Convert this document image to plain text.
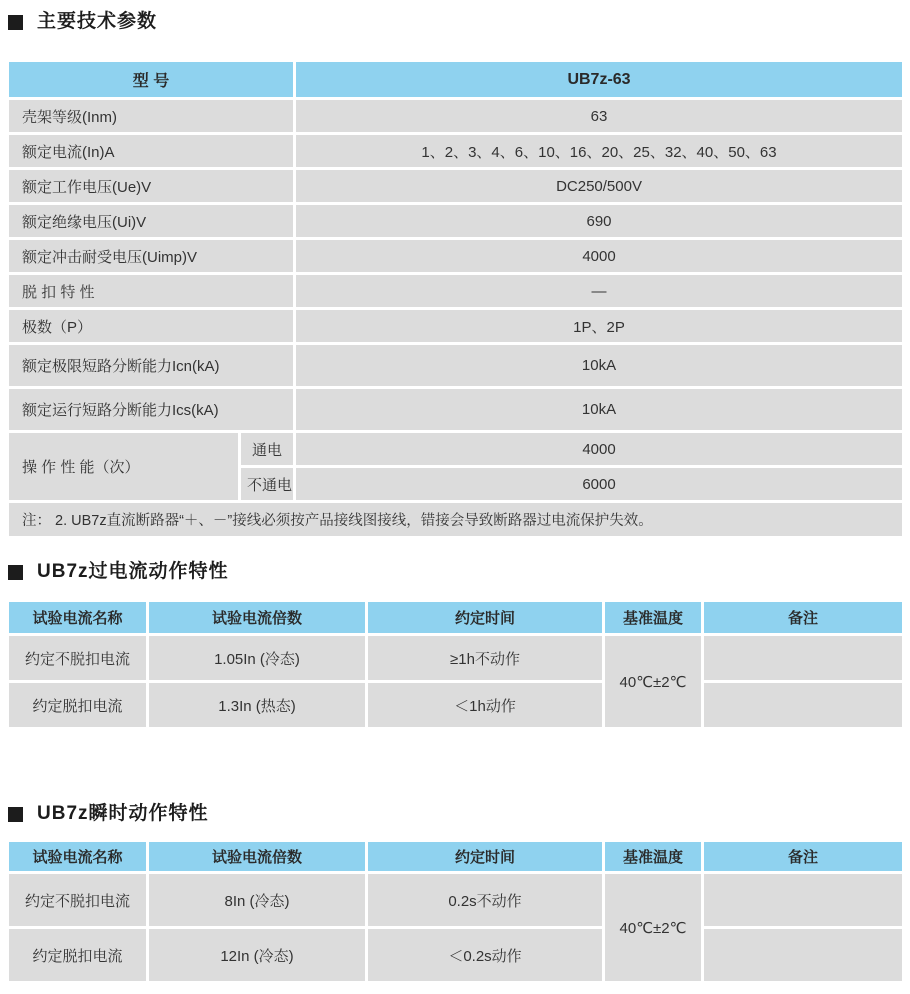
主要技术参数
型 号		UB7z-63
壳架等级(Inm)		63
额定电流(In)A		1、2、3、4、6、10、16、20、25、32、40、50、63
额定工作电压(Ue)V		DC250/500V
额定绝缘电压(Ui)V		690
额定冲击耐受电压(Uimp)V		4000
脱 扣 特 性		—
极数（P）		1P、2P
额定极限短路分断能力Icn(kA)		10kA
额定运行短路分断能力Ics(kA)		10kA
操 作 性 能（次）	通电	4000
	不通电	6000
注： 2. UB7z直流断路器“＋、－”接线必须按产品接线图接线，错接会导致断路器过电流保护失效。		
UB7z过电流动作特性
试验电流名称	试验电流倍数	约定时间	基准温度	备注
约定不脱扣电流	1.05In (冷态)	≥1h不动作	40℃±2℃	
约定脱扣电流	1.3In (热态)	＜1h动作		
UB7z瞬时动作特性
试验电流名称	试验电流倍数	约定时间	基准温度	备注
约定不脱扣电流	8In (冷态)	0.2s不动作	40℃±2℃	
约定脱扣电流	12In (冷态)	＜0.2s动作		
